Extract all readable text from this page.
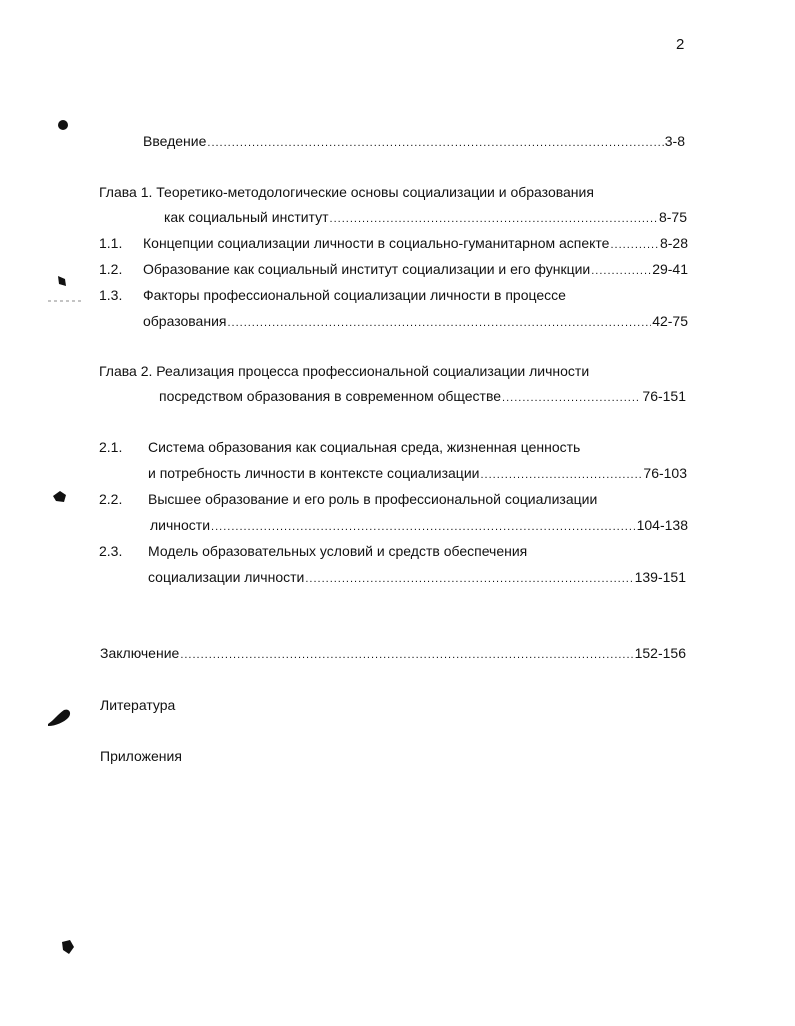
2
Введение .....	3-8
Глава 1. Теоретико-методологические основы социализации и образования
как социальный институт .....	8-75
1.1. Концепции социализации личности в социально-гуманитарном аспекте .....	8-28
1.2. Образование как социальный институт социализации и его функции .....	29-41
1.3. Факторы профессиональной социализации личности в процессе
образования .....	42-75
Глава 2. Реализация процесса профессиональной социализации личности
посредством образования в современном обществе .....	76-151
2.1. Система образования как социальная среда, жизненная ценность
и потребность личности в контексте социализации .....	76-103
2.2. Высшее образование и его роль в профессиональной социализации
личности .....	104-138
2.3. Модель образовательных условий и средств обеспечения
социализации личности .....	139-151
Заключение .....	152-156
Литература
Приложения
